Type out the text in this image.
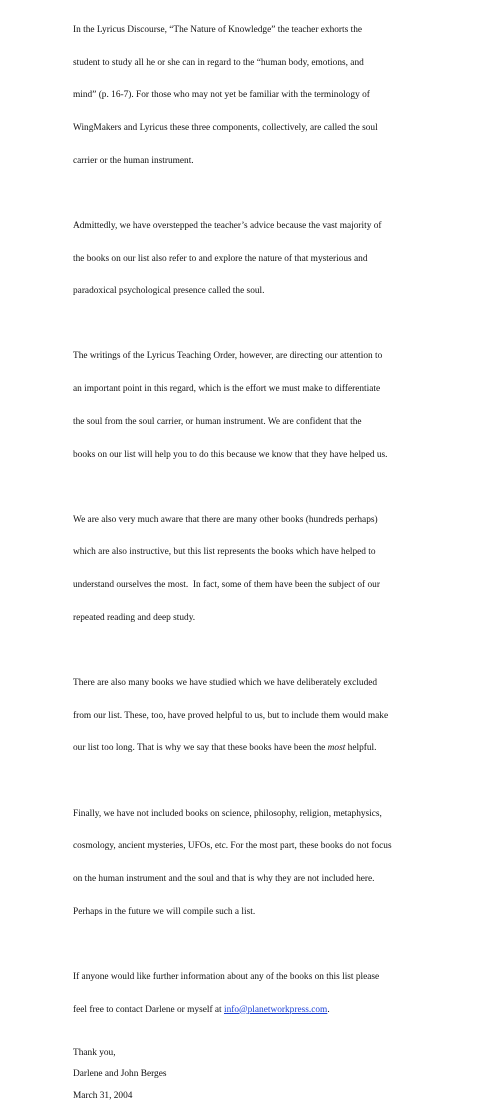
In the Lyricus Discourse, “The Nature of Knowledge” the teacher exhorts the

student to study all he or she can in regard to the “human body, emotions, and

mind” (p. 16-7). For those who may not yet be familiar with the terminology of

WingMakers and Lyricus these three components, collectively, are called the soul

carrier or the human instrument.

Admittedly, we have overstepped the teacher’s advice because the vast majority of

the books on our list also refer to and explore the nature of that mysterious and

paradoxical psychological presence called the soul.

The writings of the Lyricus Teaching Order, however, are directing our attention to

an important point in this regard, which is the effort we must make to differentiate

the soul from the soul carrier, or human instrument. We are confident that the

books on our list will help you to do this because we know that they have helped us.

We are also very much aware that there are many other books (hundreds perhaps)

which are also instructive, but this list represents the books which have helped to

understand ourselves the most.  In fact, some of them have been the subject of our

repeated reading and deep study.

There are also many books we have studied which we have deliberately excluded

from our list. These, too, have proved helpful to us, but to include them would make

our list too long. That is why we say that these books have been the most helpful.

Finally, we have not included books on science, philosophy, religion, metaphysics,

cosmology, ancient mysteries, UFOs, etc. For the most part, these books do not focus

on the human instrument and the soul and that is why they are not included here.

Perhaps in the future we will compile such a list.

If anyone would like further information about any of the books on this list please

feel free to contact Darlene or myself at info@planetworkpress.com.

Thank you,
Darlene and John Berges
March 31, 2004
